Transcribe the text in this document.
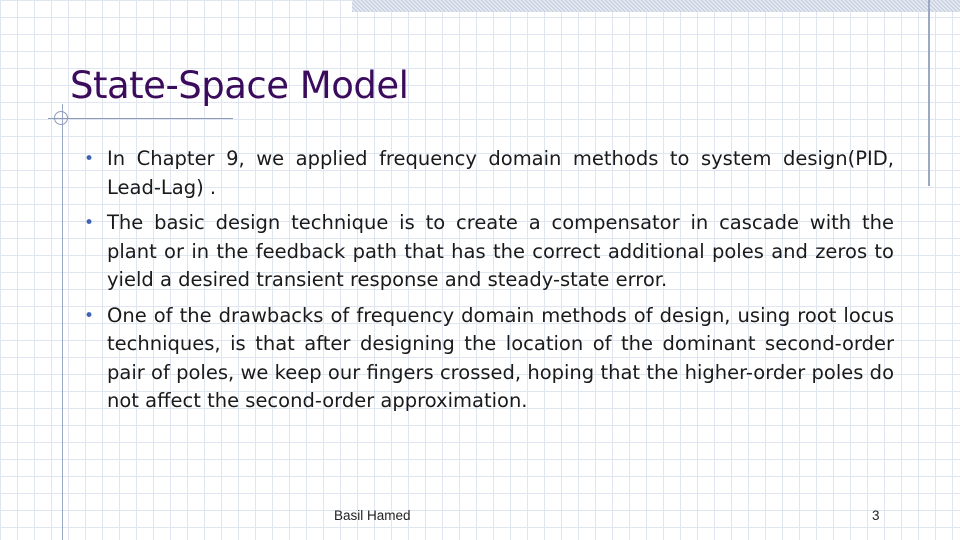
State-Space Model
• In Chapter 9, we applied frequency domain methods to system design(PID, Lead-Lag) .
• The basic design technique is to create a compensator in cascade with the plant or in the feedback path that has the correct additional poles and zeros to yield a desired transient response and steady-state error.
• One of the drawbacks of frequency domain methods of design, using root locus techniques, is that after designing the location of the dominant second-order pair of poles, we keep our fingers crossed, hoping that the higher-order poles do not affect the second-order approximation.
Basil Hamed	3
